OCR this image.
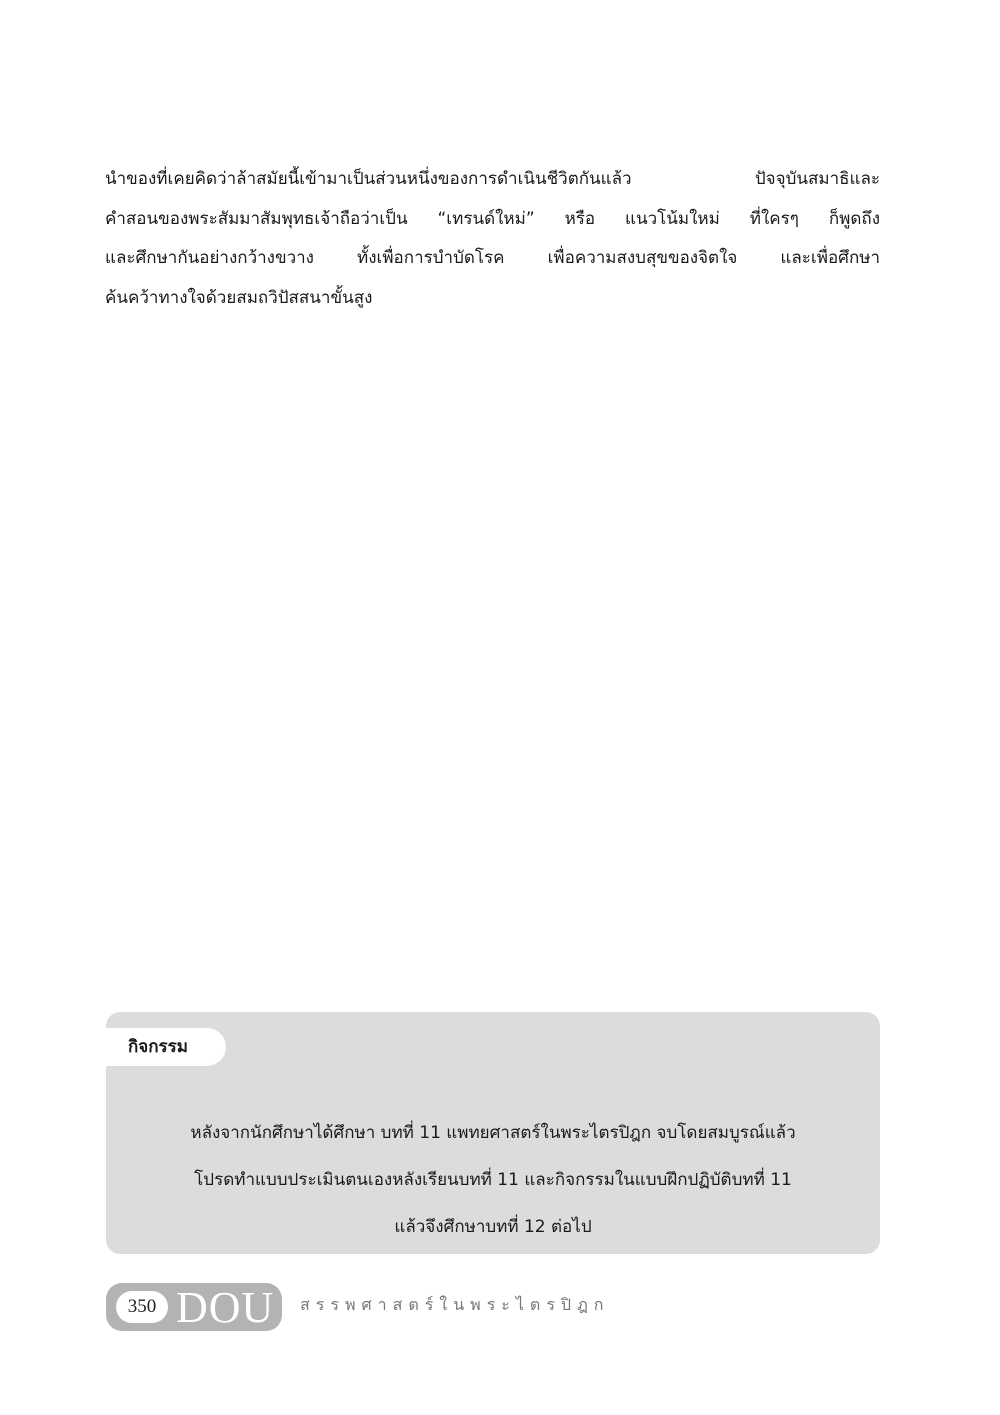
นำของที่เคยคิดว่าล้าสมัยนี้เข้ามาเป็นส่วนหนึ่งของการดำเนินชีวิตกันแล้ว ปัจจุบันสมาธิและ
คำสอนของพระสัมมาสัมพุทธเจ้าถือว่าเป็น “เทรนด์ใหม่” หรือ แนวโน้มใหม่ ที่ใครๆ ก็พูดถึง
และศึกษากันอย่างกว้างขวาง ทั้งเพื่อการบำบัดโรค เพื่อความสงบสุขของจิตใจ และเพื่อศึกษา
ค้นคว้าทางใจด้วยสมถวิปัสสนาขั้นสูง
กิจกรรม
หลังจากนักศึกษาได้ศึกษา บทที่ 11 แพทยศาสตร์ในพระไตรปิฎก จบโดยสมบูรณ์แล้ว
โปรดทำแบบประเมินตนเองหลังเรียนบทที่ 11 และกิจกรรมในแบบฝึกปฏิบัติบทที่ 11
แล้วจึงศึกษาบทที่ 12 ต่อไป
350 DOU สรรพศาสตร์ในพระไตรปิฎก
